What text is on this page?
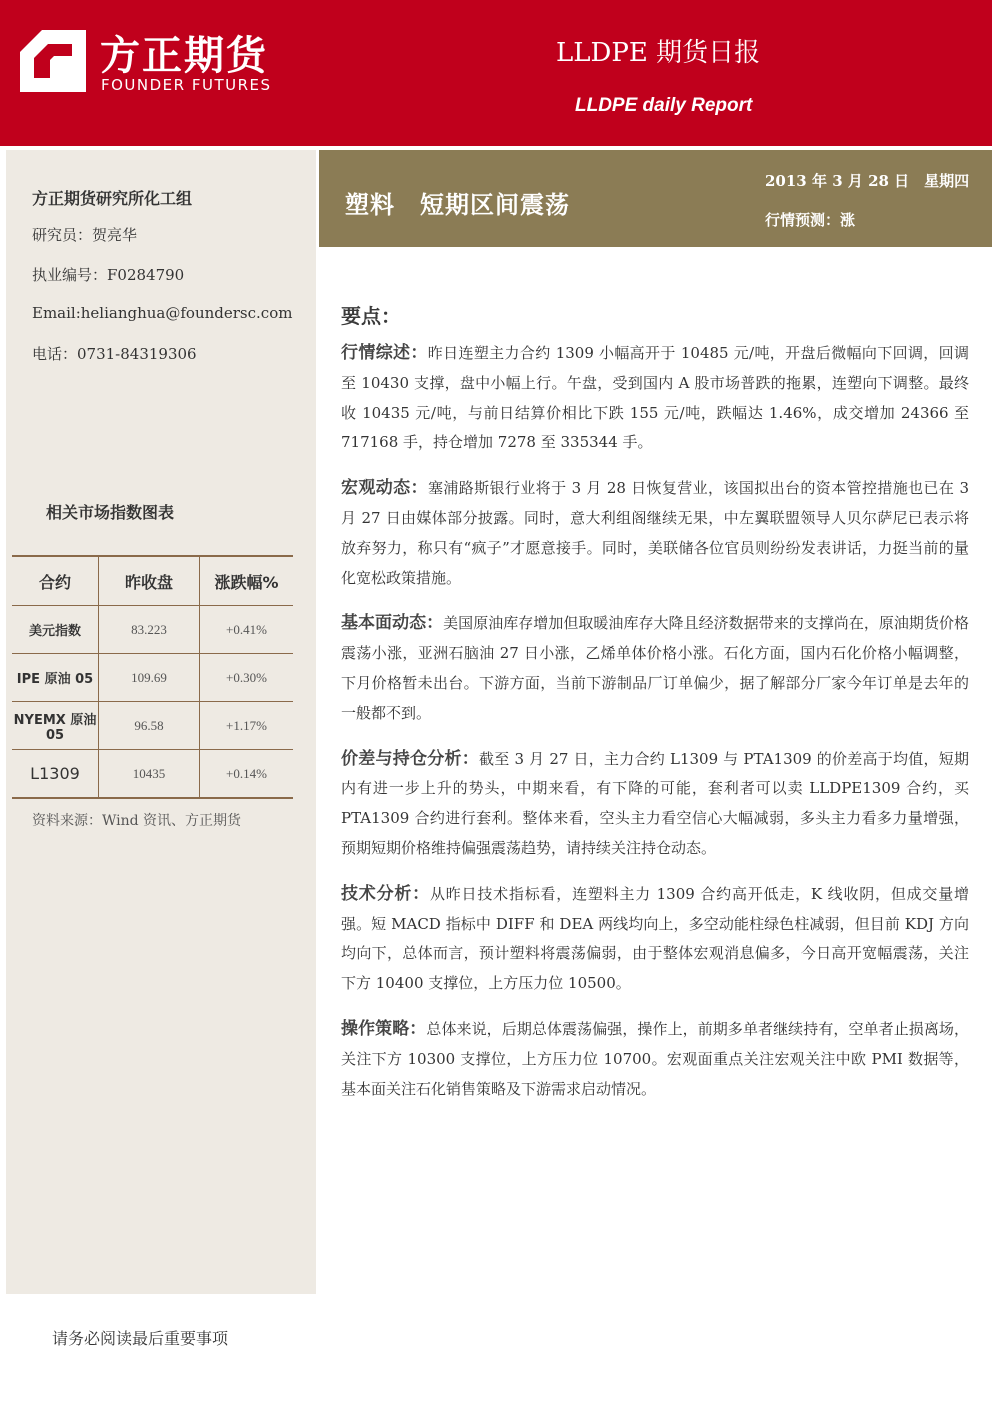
方正期货
FOUNDER FUTURES
LLDPE 期货日报
LLDPE daily Report
方正期货研究所化工组
研究员：贺亮华
执业编号：F0284790
Email:helianghua@foundersc.com
电话：0731-84319306
相关市场指数图表
合约	昨收盘	涨跌幅%
美元指数	83.223	+0.41%
IPE 原油 05	109.69	+0.30%
NYEMX 原油 05	96.58	+1.17%
L1309	10435	+0.14%
资料来源：Wind 资讯、方正期货
请务必阅读最后重要事项
塑料　短期区间震荡
2013 年 3 月 28 日　星期四
行情预测：涨
要点：

行情综述：昨日连塑主力合约 1309 小幅高开于 10485 元/吨，开盘后微幅向下回调，回调至 10430 支撑，盘中小幅上行。午盘，受到国内 A 股市场普跌的拖累，连塑向下调整。最终收 10435 元/吨，与前日结算价相比下跌 155 元/吨，跌幅达 1.46%，成交增加 24366 至 717168 手，持仓增加 7278 至 335344 手。

宏观动态：塞浦路斯银行业将于 3 月 28 日恢复营业，该国拟出台的资本管控措施也已在 3 月 27 日由媒体部分披露。同时，意大利组阁继续无果，中左翼联盟领导人贝尔萨尼已表示将放弃努力，称只有“疯子”才愿意接手。同时，美联储各位官员则纷纷发表讲话，力挺当前的量化宽松政策措施。

基本面动态：美国原油库存增加但取暖油库存大降且经济数据带来的支撑尚在，原油期货价格震荡小涨，亚洲石脑油 27 日小涨，乙烯单体价格小涨。石化方面，国内石化价格小幅调整，下月价格暂未出台。下游方面，当前下游制品厂订单偏少，据了解部分厂家今年订单是去年的一般都不到。

价差与持仓分析：截至 3 月 27 日，主力合约 L1309 与 PTA1309 的价差高于均值，短期内有进一步上升的势头，中期来看，有下降的可能，套利者可以卖 LLDPE1309 合约，买 PTA1309 合约进行套利。整体来看，空头主力看空信心大幅减弱，多头主力看多力量增强，预期短期价格维持偏强震荡趋势，请持续关注持仓动态。

技术分析：从昨日技术指标看，连塑料主力 1309 合约高开低走，K 线收阴，但成交量增强。短 MACD 指标中 DIFF 和 DEA 两线均向上，多空动能柱绿色柱减弱，但目前 KDJ 方向均向下，总体而言，预计塑料将震荡偏弱，由于整体宏观消息偏多，今日高开宽幅震荡，关注下方 10400 支撑位，上方压力位 10500。

操作策略：总体来说，后期总体震荡偏强，操作上，前期多单者继续持有，空单者止损离场，关注下方 10300 支撑位，上方压力位 10700。宏观面重点关注宏观关注中欧 PMI 数据等，基本面关注石化销售策略及下游需求启动情况。
